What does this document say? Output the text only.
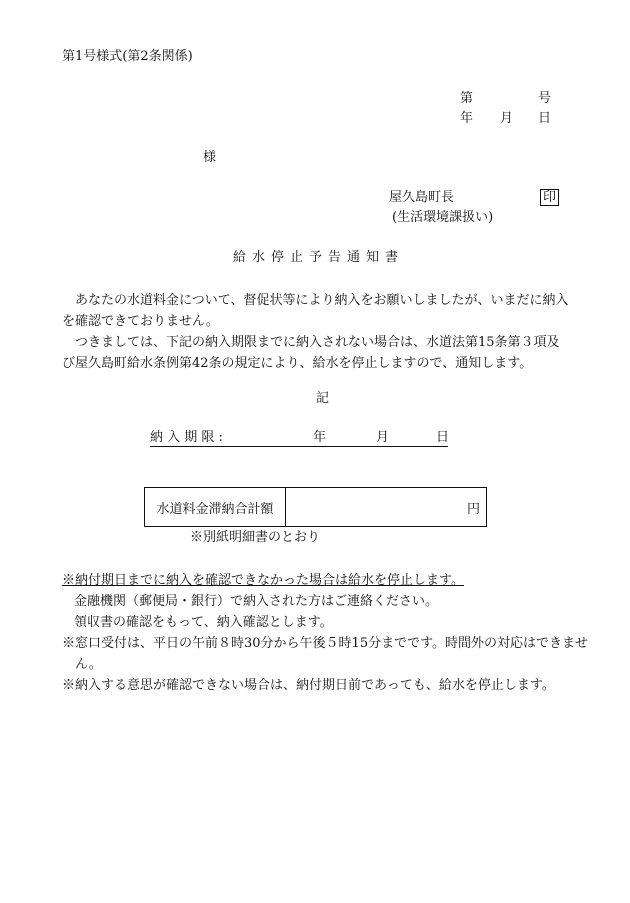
第1号様式(第2条関係)
第	号
年 月 日
様
屋久島町長	印
(生活環境課扱い)
給水停止予告通知書

あなたの水道料金について、督促状等により納入をお願いしましたが、いまだに納入を確認できておりません。

つきましては、下記の納入期限までに納入されない場合は、水道法第15条第３項及び屋久島町給水条例第42条の規定により、給水を停止しますので、通知します。

記
納 入 期 限 :	年	月	日
水道料金滞納合計額	円
※別紙明細書のとおり
※納付期日までに納入を確認できなかった場合は給水を停止します。
金融機関（郵便局・銀行）で納入された方はご連絡ください。
領収書の確認をもって、納入確認とします。
※窓口受付は、平日の午前８時30分から午後５時15分までです。時間外の対応はできませ
ん。
※納入する意思が確認できない場合は、納付期日前であっても、給水を停止します。
